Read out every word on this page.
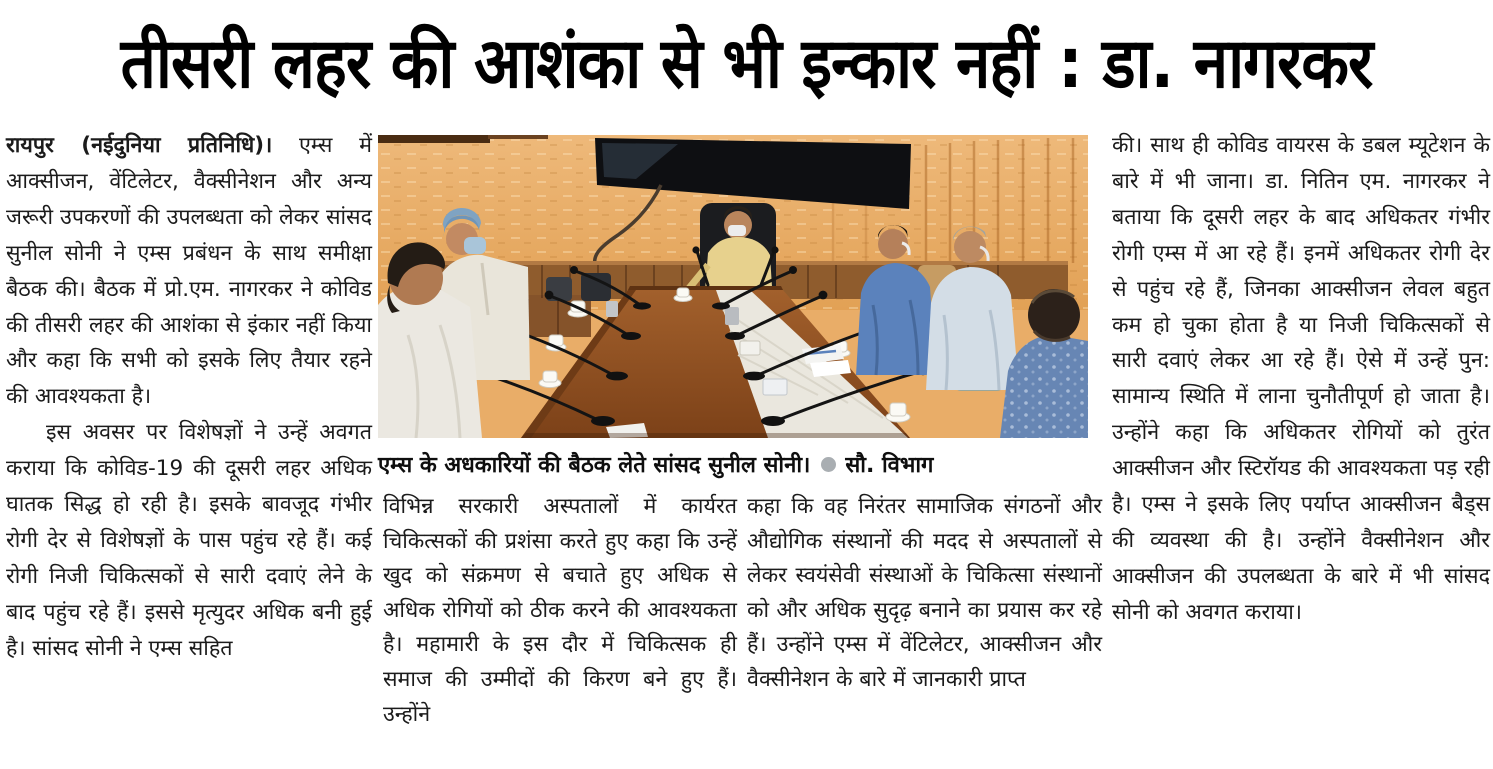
तीसरी लहर की आशंका से भी इन्कार नहीं : डा. नागरकर

रायपुर (नईदुनिया प्रतिनिधि)। एम्स में आक्सीजन, वेंटिलेटर, वैक्सीनेशन और अन्य जरूरी उपकरणों की उपलब्धता को लेकर सांसद सुनील सोनी ने एम्स प्रबंधन के साथ समीक्षा बैठक की। बैठक में प्रो.एम. नागरकर ने कोविड की तीसरी लहर की आशंका से इंकार नहीं किया और कहा कि सभी को इसके लिए तैयार रहने की आवश्यकता है।

इस अवसर पर विशेषज्ञों ने उन्हें अवगत कराया कि कोविड-19 की दूसरी लहर अधिक घातक सिद्ध हो रही है। इसके बावजूद गंभीर रोगी देर से विशेषज्ञों के पास पहुंच रहे हैं। कई रोगी निजी चिकित्सकों से सारी दवाएं लेने के बाद पहुंच रहे हैं। इससे मृत्युदर अधिक बनी हुई है। सांसद सोनी ने एम्स सहित

एम्स के अधकारियों की बैठक लेते सांसद सुनील सोनी। सौ. विभाग

विभिन्न सरकारी अस्पतालों में कार्यरत चिकित्सकों की प्रशंसा करते हुए कहा कि उन्हें खुद को संक्रमण से बचाते हुए अधिक से अधिक रोगियों को ठीक करने की आवश्यकता है। महामारी के इस दौर में चिकित्सक ही समाज की उम्मीदों की किरण बने हुए हैं। उन्होंने

कहा कि वह निरंतर सामाजिक संगठनों और औद्योगिक संस्थानों की मदद से अस्पतालों से लेकर स्वयंसेवी संस्थाओं के चिकित्सा संस्थानों को और अधिक सुदृढ़ बनाने का प्रयास कर रहे हैं। उन्होंने एम्स में वेंटिलेटर, आक्सीजन और वैक्सीनेशन के बारे में जानकारी प्राप्त

की। साथ ही कोविड वायरस के डबल म्यूटेशन के बारे में भी जाना। डा. नितिन एम. नागरकर ने बताया कि दूसरी लहर के बाद अधिकतर गंभीर रोगी एम्स में आ रहे हैं। इनमें अधिकतर रोगी देर से पहुंच रहे हैं, जिनका आक्सीजन लेवल बहुत कम हो चुका होता है या निजी चिकित्सकों से सारी दवाएं लेकर आ रहे हैं। ऐसे में उन्हें पुन: सामान्य स्थिति में लाना चुनौतीपूर्ण हो जाता है। उन्होंने कहा कि अधिकतर रोगियों को तुरंत आक्सीजन और स्टिरॉयड की आवश्यकता पड़ रही है। एम्स ने इसके लिए पर्याप्त आक्सीजन बैड्स की व्यवस्था की है। उन्होंने वैक्सीनेशन और आक्सीजन की उपलब्धता के बारे में भी सांसद सोनी को अवगत कराया।
